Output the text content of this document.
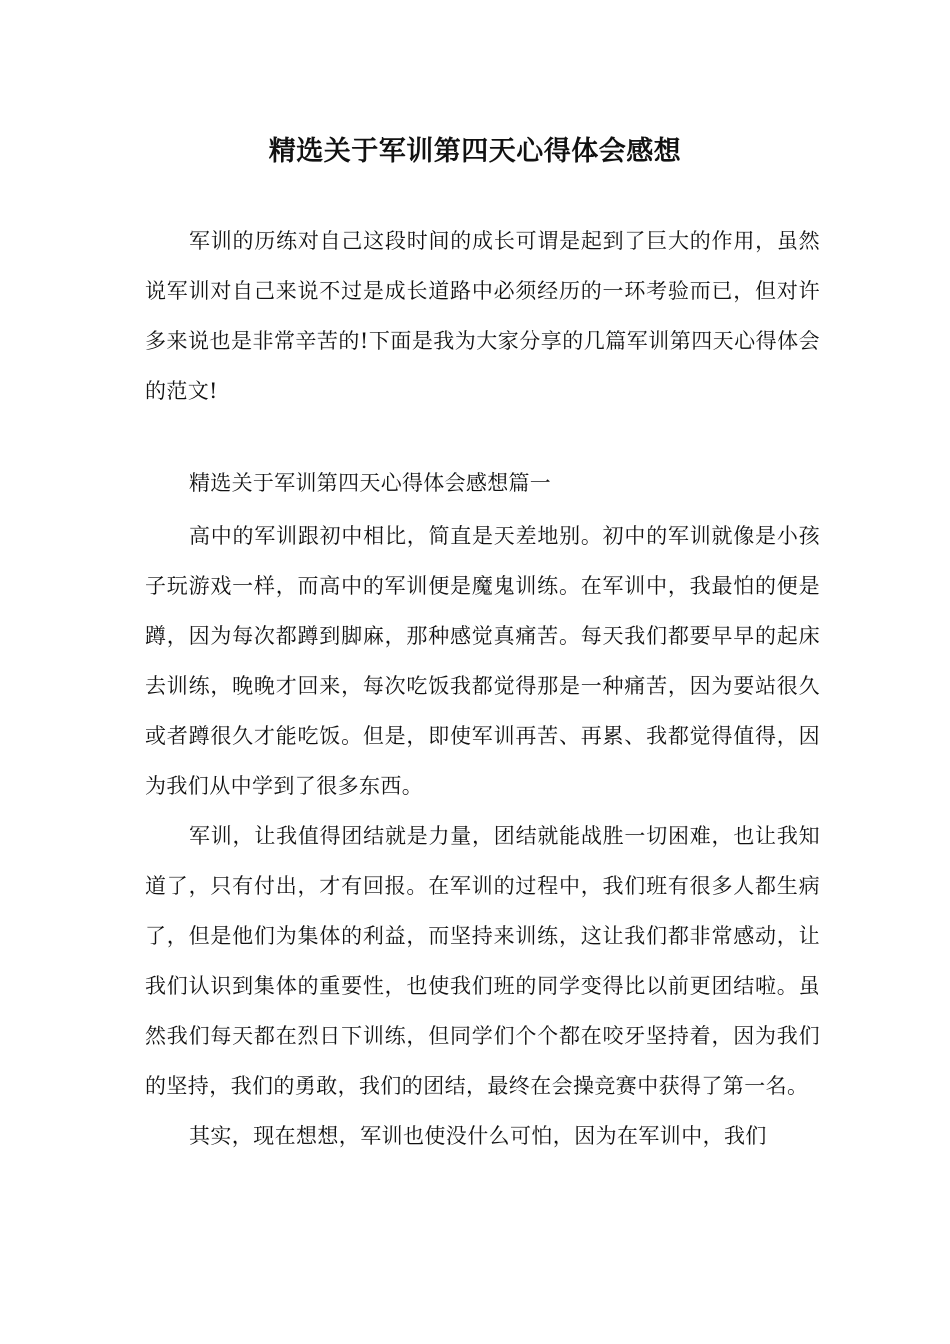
精选关于军训第四天心得体会感想

军训的历练对自己这段时间的成长可谓是起到了巨大的作用，虽然说军训对自己来说不过是成长道路中必须经历的一环考验而已，但对许多来说也是非常辛苦的!下面是我为大家分享的几篇军训第四天心得体会的范文!

精选关于军训第四天心得体会感想篇一

高中的军训跟初中相比，简直是天差地别。初中的军训就像是小孩子玩游戏一样，而高中的军训便是魔鬼训练。在军训中，我最怕的便是蹲，因为每次都蹲到脚麻，那种感觉真痛苦。每天我们都要早早的起床去训练，晚晚才回来，每次吃饭我都觉得那是一种痛苦，因为要站很久或者蹲很久才能吃饭。但是，即使军训再苦、再累、我都觉得值得，因为我们从中学到了很多东西。

军训，让我值得团结就是力量，团结就能战胜一切困难，也让我知道了，只有付出，才有回报。在军训的过程中，我们班有很多人都生病了，但是他们为集体的利益，而坚持来训练，这让我们都非常感动，让我们认识到集体的重要性，也使我们班的同学变得比以前更团结啦。虽然我们每天都在烈日下训练，但同学们个个都在咬牙坚持着，因为我们的坚持，我们的勇敢，我们的团结，最终在会操竞赛中获得了第一名。

其实，现在想想，军训也使没什么可怕，因为在军训中，我们
